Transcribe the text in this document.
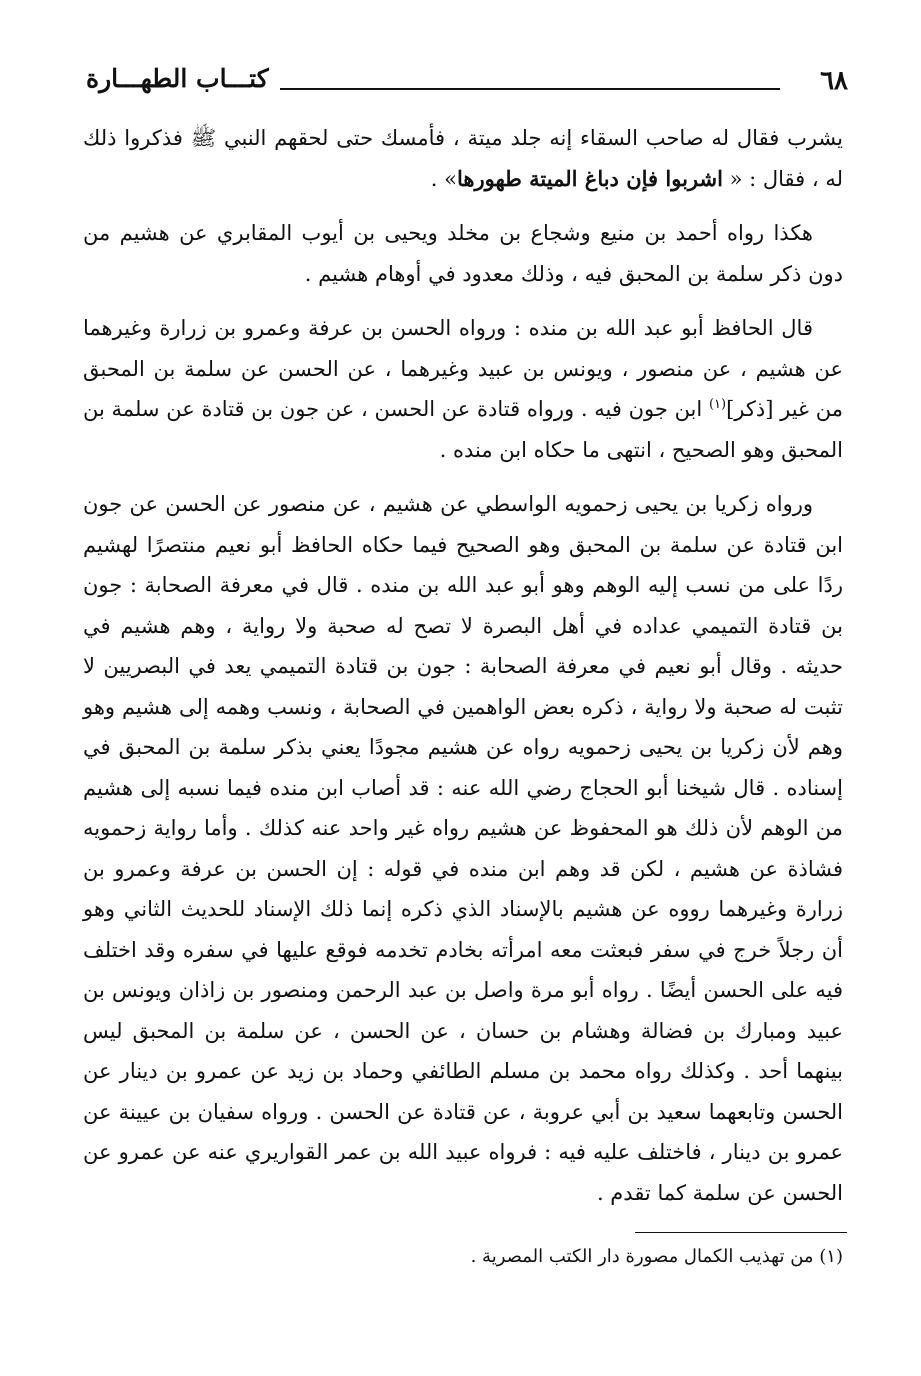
٦٨
كتـــاب الطهـــارة

يشرب فقال له صاحب السقاء إنه جلد ميتة ، فأمسك حتى لحقهم النبي ﷺ فذكروا ذلك له ، فقال : « اشربوا فإن دباغ الميتة طهورها» .

هكذا رواه أحمد بن منيع وشجاع بن مخلد ويحيى بن أيوب المقابري عن هشيم من دون ذكر سلمة بن المحبق فيه ، وذلك معدود في أوهام هشيم .

قال الحافظ أبو عبد الله بن منده : ورواه الحسن بن عرفة وعمرو بن زرارة وغيرهما عن هشيم ، عن منصور ، ويونس بن عبيد وغيرهما ، عن الحسن عن سلمة بن المحبق من غير [ذكر]$^{(١)}$ ابن جون فيه . ورواه قتادة عن الحسن ، عن جون بن قتادة عن سلمة بن المحبق وهو الصحيح ، انتهى ما حكاه ابن منده .

ورواه زكريا بن يحيى زحمويه الواسطي عن هشيم ، عن منصور عن الحسن عن جون ابن قتادة عن سلمة بن المحبق وهو الصحيح فيما حكاه الحافظ أبو نعيم منتصرًا لهشيم ردًا على من نسب إليه الوهم وهو أبو عبد الله بن منده . قال في معرفة الصحابة : جون بن قتادة التميمي عداده في أهل البصرة لا تصح له صحبة ولا رواية ، وهم هشيم في حديثه . وقال أبو نعيم في معرفة الصحابة : جون بن قتادة التميمي يعد في البصريين لا تثبت له صحبة ولا رواية ، ذكره بعض الواهمين في الصحابة ، ونسب وهمه إلى هشيم وهو وهم لأن زكريا بن يحيى زحمويه رواه عن هشيم مجودًا يعني بذكر سلمة بن المحبق في إسناده . قال شيخنا أبو الحجاج رضي الله عنه : قد أصاب ابن منده فيما نسبه إلى هشيم من الوهم لأن ذلك هو المحفوظ عن هشيم رواه غير واحد عنه كذلك . وأما رواية زحمويه فشاذة عن هشيم ، لكن قد وهم ابن منده في قوله : إن الحسن بن عرفة وعمرو بن زرارة وغيرهما رووه عن هشيم بالإسناد الذي ذكره إنما ذلك الإسناد للحديث الثاني وهو أن رجلاً خرج في سفر فبعثت معه امرأته بخادم تخدمه فوقع عليها في سفره وقد اختلف فيه على الحسن أيضًا . رواه أبو مرة واصل بن عبد الرحمن ومنصور بن زاذان ويونس بن عبيد ومبارك بن فضالة وهشام بن حسان ، عن الحسن ، عن سلمة بن المحبق ليس بينهما أحد . وكذلك رواه محمد بن مسلم الطائفي وحماد بن زيد عن عمرو بن دينار عن الحسن وتابعهما سعيد بن أبي عروبة ، عن قتادة عن الحسن . ورواه سفيان بن عيينة عن عمرو بن دينار ، فاختلف عليه فيه : فرواه عبيد الله بن عمر القواريري عنه عن عمرو عن الحسن عن سلمة كما تقدم .

(١) من تهذيب الكمال مصورة دار الكتب المصرية .
